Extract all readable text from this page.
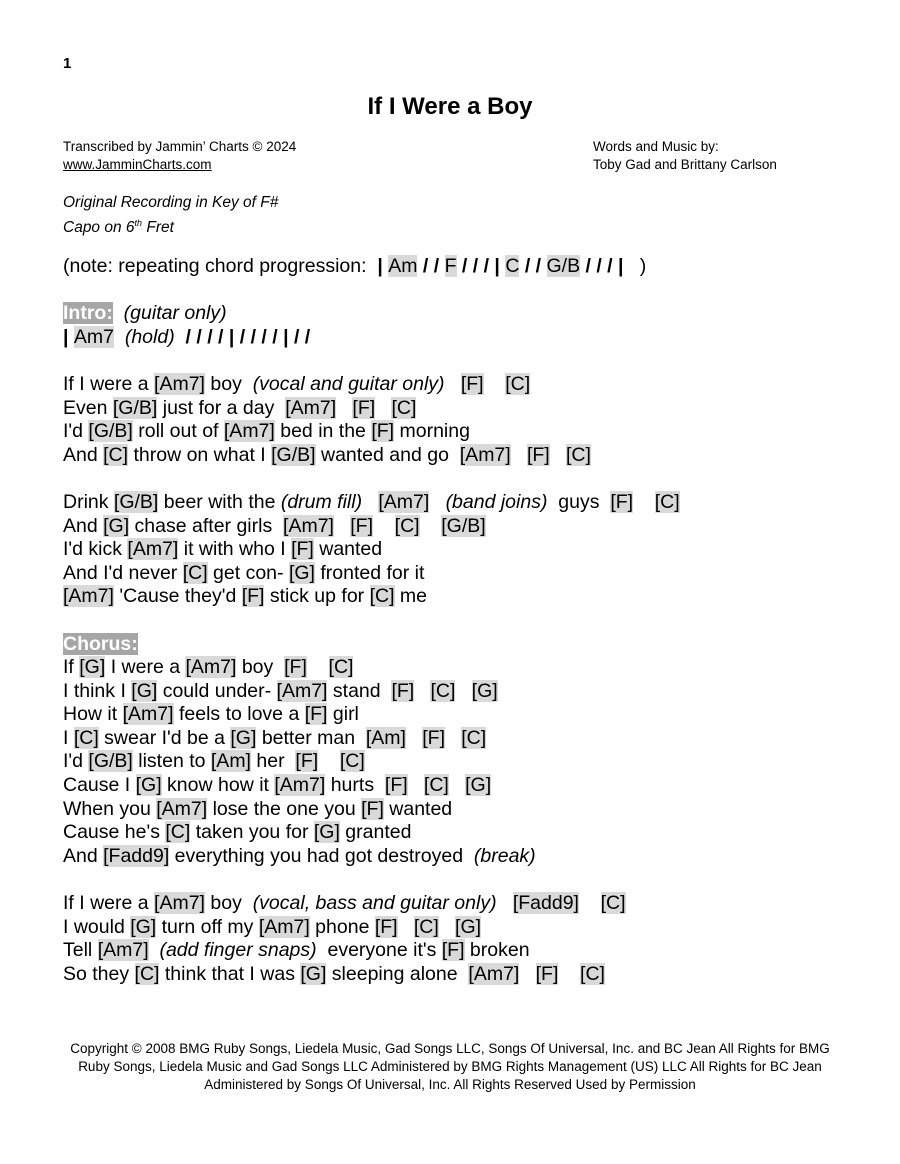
1
If I Were a Boy
Transcribed by Jammin’ Charts © 2024
www.JamminCharts.com
Words and Music by:
Toby Gad and Brittany Carlson
Original Recording in Key of F#
Capo on 6th Fret
(note: repeating chord progression:  | Am / / F / / / | C / / G/B / / / |   )

Intro: (guitar only)
| Am7 (hold)  / / / / | / / / / | / /

If I were a [Am7] boy  (vocal and guitar only) [F] [C]
Even [G/B] just for a day  [Am7] [F] [C]
I'd [G/B] roll out of [Am7] bed in the [F] morning
And [C] throw on what I [G/B] wanted and go  [Am7] [F] [C]

Drink [G/B] beer with the (drum fill) [Am7] (band joins)  guys  [F] [C]
And [G] chase after girls  [Am7] [F] [C] [G/B]
I'd kick [Am7] it with who I [F] wanted
And I'd never [C] get con- [G] fronted for it
[Am7] 'Cause they'd [F] stick up for [C] me

Chorus:
If [G] I were a [Am7] boy  [F] [C]
I think I [G] could under- [Am7] stand  [F] [C] [G]
How it [Am7] feels to love a [F] girl
I [C] swear I'd be a [G] better man  [Am] [F] [C]
I'd [G/B] listen to [Am] her  [F] [C]
Cause I [G] know how it [Am7] hurts  [F] [C] [G]
When you [Am7] lose the one you [F] wanted
Cause he's [C] taken you for [G] granted
And [Fadd9] everything you had got destroyed  (break)

If I were a [Am7] boy  (vocal, bass and guitar only) [Fadd9] [C]
I would [G] turn off my [Am7] phone [F] [C] [G]
Tell [Am7] (add finger snaps)  everyone it's [F] broken
So they [C] think that I was [G] sleeping alone  [Am7] [F] [C]
Copyright © 2008 BMG Ruby Songs, Liedela Music, Gad Songs LLC, Songs Of Universal, Inc. and BC Jean All Rights for BMG Ruby Songs, Liedela Music and Gad Songs LLC Administered by BMG Rights Management (US) LLC All Rights for BC Jean Administered by Songs Of Universal, Inc. All Rights Reserved Used by Permission
